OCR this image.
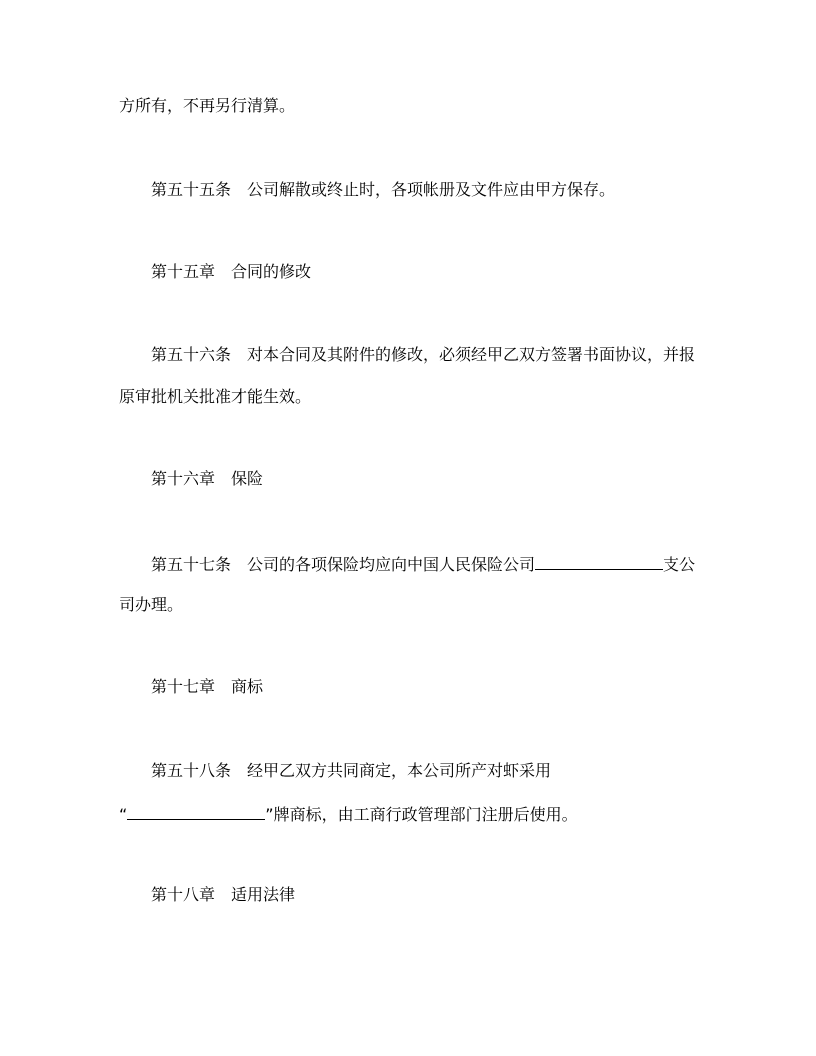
方所有，不再另行清算。
第五十五条　公司解散或终止时，各项帐册及文件应由甲方保存。
第十五章　合同的修改
第五十六条　对本合同及其附件的修改，必须经甲乙双方签署书面协议，并报
原审批机关批准才能生效。
第十六章　保险
第五十七条　公司的各项保险均应向中国人民保险公司	支公
司办理。
第十七章　商标
第五十八条　经甲乙双方共同商定，本公司所产对虾采用
“	”牌商标，由工商行政管理部门注册后使用。
第十八章　适用法律
